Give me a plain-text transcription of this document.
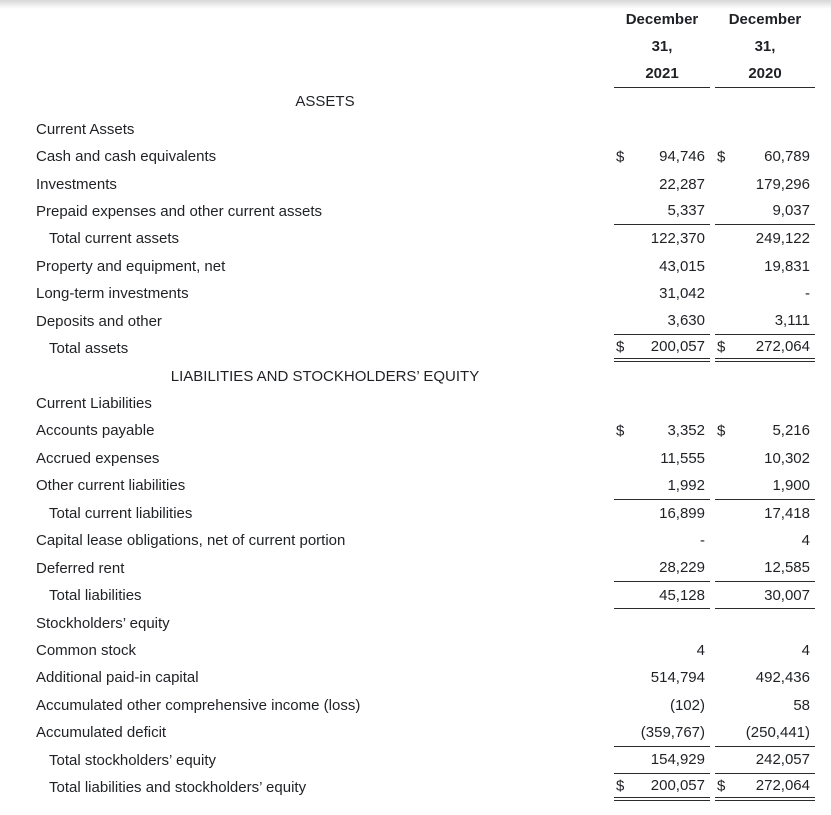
December
31,
2021
December
31,
2020
ASSETS
Current Assets
Cash and cash equivalents	$ 94,746 $	60,789
Investments	22,287	179,296
Prepaid expenses and other current assets	5,337	9,037
Total current assets	122,370	249,122
Property and equipment, net	43,015	19,831
Long-term investments	31,042	-
Deposits and other	3,630	3,111
Total assets	$ 200,057 $ 272,064
LIABILITIES AND STOCKHOLDERS’ EQUITY
Current Liabilities
Accounts payable	$	3,352 $	5,216
Accrued expenses	11,555	10,302
Other current liabilities	1,992	1,900
Total current liabilities	16,899	17,418
Capital lease obligations, net of current portion	-	4
Deferred rent	28,229	12,585
Total liabilities	45,128	30,007
Stockholders’ equity
Common stock	4	4
Additional paid-in capital	514,794	492,436
Accumulated other comprehensive income (loss)	(102)	58
Accumulated deficit	(359,767)	(250,441)
Total stockholders’ equity	154,929	242,057
Total liabilities and stockholders’ equity	$ 200,057 $ 272,064
